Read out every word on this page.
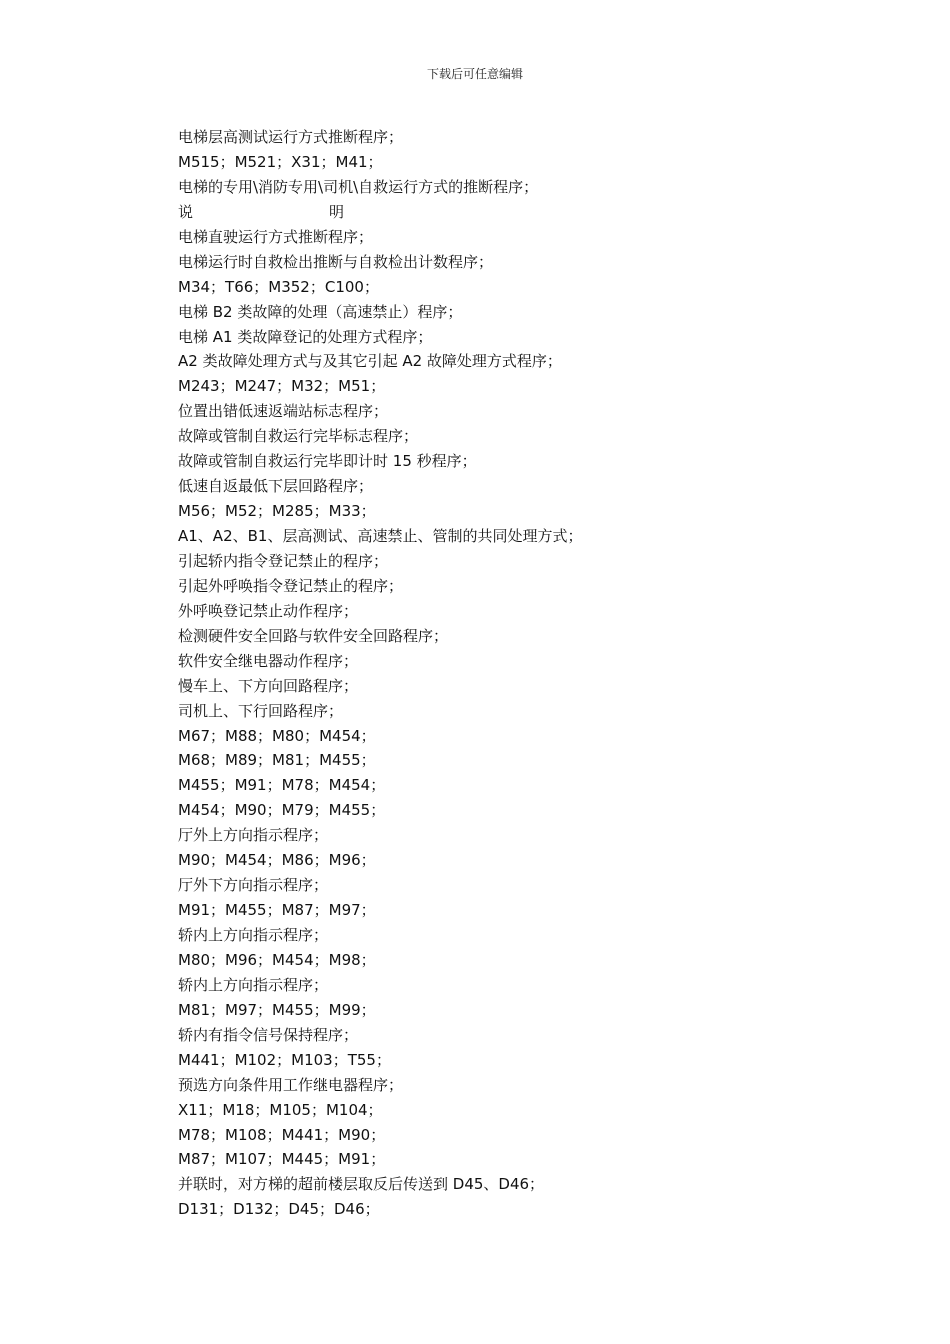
下载后可任意编辑
电梯层高测试运行方式推断程序；
M515；M521；X31；M41；
电梯的专用\消防专用\司机\自救运行方式的推断程序；
说	明
电梯直驶运行方式推断程序；
电梯运行时自救检出推断与自救检出计数程序；
M34；T66；M352；C100；
电梯 B2 类故障的处理（高速禁止）程序；
电梯 A1 类故障登记的处理方式程序；
A2 类故障处理方式与及其它引起 A2 故障处理方式程序；
M243；M247；M32；M51；
位置出错低速返端站标志程序；
故障或管制自救运行完毕标志程序；
故障或管制自救运行完毕即计时 15 秒程序；
低速自返最低下层回路程序；
M56；M52；M285；M33；
A1、A2、B1、层高测试、高速禁止、管制的共同处理方式；
引起轿内指令登记禁止的程序；
引起外呼唤指令登记禁止的程序；
外呼唤登记禁止动作程序；
检测硬件安全回路与软件安全回路程序；
软件安全继电器动作程序；
慢车上、下方向回路程序；
司机上、下行回路程序；
M67；M88；M80；M454；
M68；M89；M81；M455；
M455；M91；M78；M454；
M454；M90；M79；M455；
厅外上方向指示程序；
M90；M454；M86；M96；
厅外下方向指示程序；
M91；M455；M87；M97；
轿内上方向指示程序；
M80；M96；M454；M98；
轿内上方向指示程序；
M81；M97；M455；M99；
轿内有指令信号保持程序；
M441；M102；M103；T55；
预选方向条件用工作继电器程序；
X11；M18；M105；M104；
M78；M108；M441；M90；
M87；M107；M445；M91；
并联时，对方梯的超前楼层取反后传送到 D45、D46；
D131；D132；D45；D46；
